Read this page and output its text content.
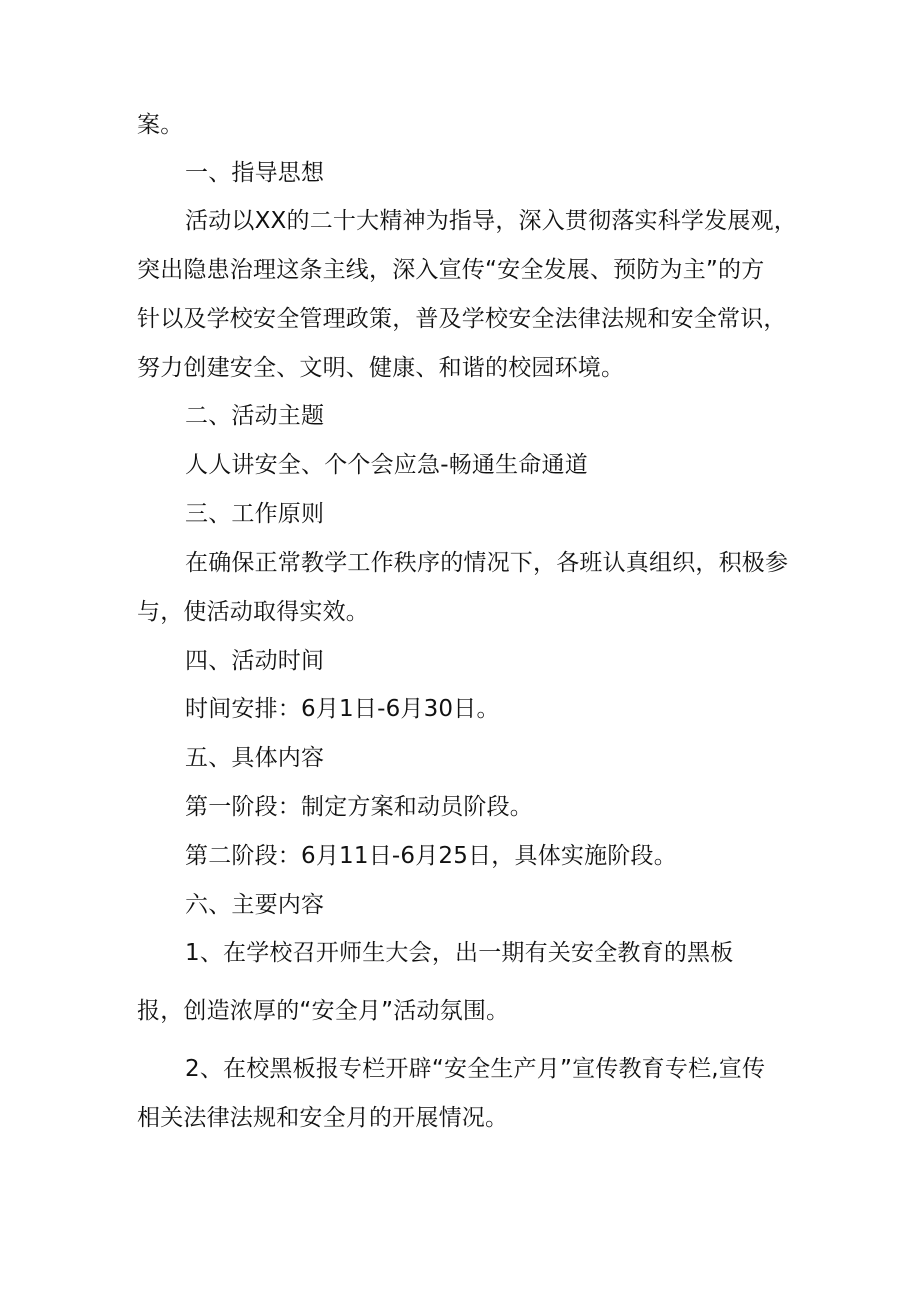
案。
一、指导思想
活动以XX的二十大精神为指导，深入贯彻落实科学发展观，
突出隐患治理这条主线，深入宣传“安全发展、预防为主”的方
针以及学校安全管理政策，普及学校安全法律法规和安全常识，
努力创建安全、文明、健康、和谐的校园环境。
二、活动主题
人人讲安全、个个会应急-畅通生命通道
三、工作原则
在确保正常教学工作秩序的情况下，各班认真组织，积极参
与，使活动取得实效。
四、活动时间
时间安排：6月1日-6月30日。
五、具体内容
第一阶段：制定方案和动员阶段。
第二阶段：6月11日-6月25日，具体实施阶段。
六、主要内容
1、在学校召开师生大会，出一期有关安全教育的黑板
报，创造浓厚的“安全月”活动氛围。
2、在校黑板报专栏开辟“安全生产月”宣传教育专栏,宣传
相关法律法规和安全月的开展情况。
